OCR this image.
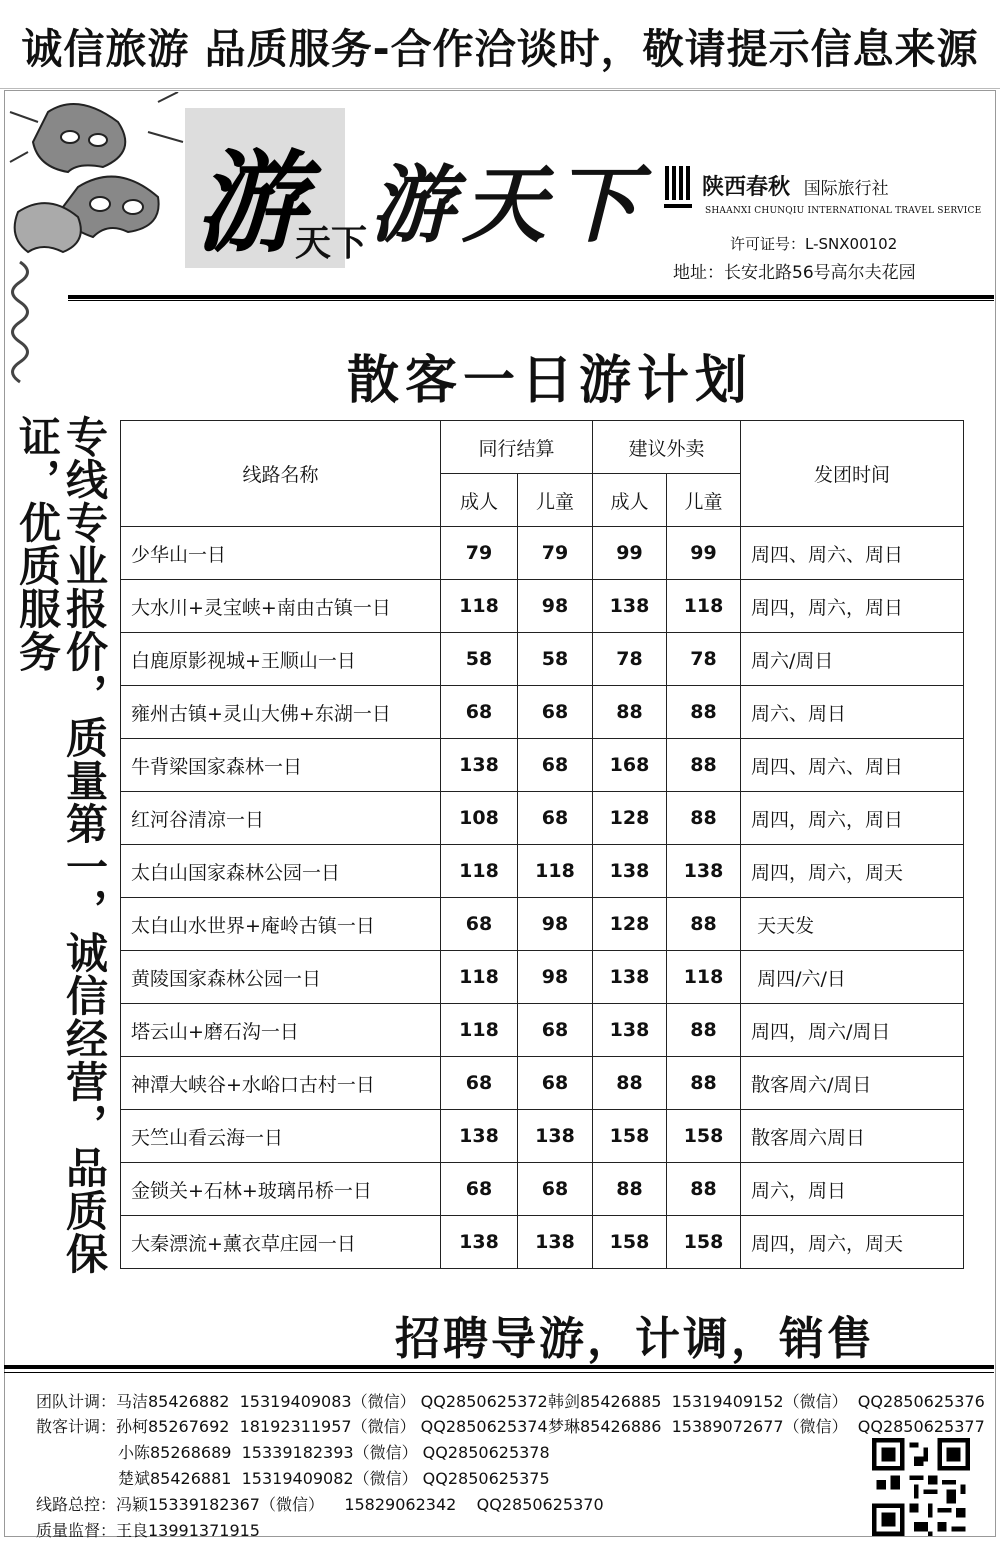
诚信旅游 品质服务-合作洽谈时，敬请提示信息来源
游
天下 游天下	陕西春秋 国际旅行社
SHAANXI CHUNQIU INTERNATIONAL TRAVEL SERVICE
许可证号：L-SNX00102
地址：长安北路56号高尔夫花园
散客一日游计划
专线专业报价，质量第一，诚信经营，品质保证，优质服务	线路名称	同行结算		建议外卖		发团时间
	成人	儿童	成人	儿童	
少华山一日	79	79	99	99	周四、周六、周日
大水川+灵宝峡+南由古镇一日	118	98	138	118	周四，周六，周日
白鹿原影视城+王顺山一日	58	58	78	78	周六/周日
雍州古镇+灵山大佛+东湖一日	68	68	88	88	周六、周日
牛背梁国家森林一日	138	68	168	88	周四、周六、周日
红河谷清凉一日	108	68	128	88	周四，周六，周日
太白山国家森林公园一日	118	118	138	138	周四，周六，周天
太白山水世界+庵岭古镇一日	68	98	128	88	天天发
黄陵国家森林公园一日	118	98	138	118	周四/六/日
塔云山+磨石沟一日	118	68	138	88	周四，周六/周日
神潭大峡谷+水峪口古村一日	68	68	88	88	散客周六/周日
天竺山看云海一日	138	138	158	158	散客周六周日
金锁关+石林+玻璃吊桥一日	68	68	88	88	周六，周日
大秦漂流+薰衣草庄园一日	138	138	158	158	周四，周六，周天
招聘导游，计调，销售
团队计调：马洁85426882  15319409083（微信） QQ2850625372 韩剑85426885  15319409152（微信）  QQ2850625376
散客计调：孙柯85267692  18192311957（微信） QQ2850625374 梦琳85426886  15389072677（微信）  QQ2850625377
小陈85268689  15339182393（微信） QQ2850625378
楚斌85426881  15319409082（微信） QQ2850625375
线路总控：冯颖15339182367（微信）    15829062342    QQ2850625370
质量监督：王良13991371915
